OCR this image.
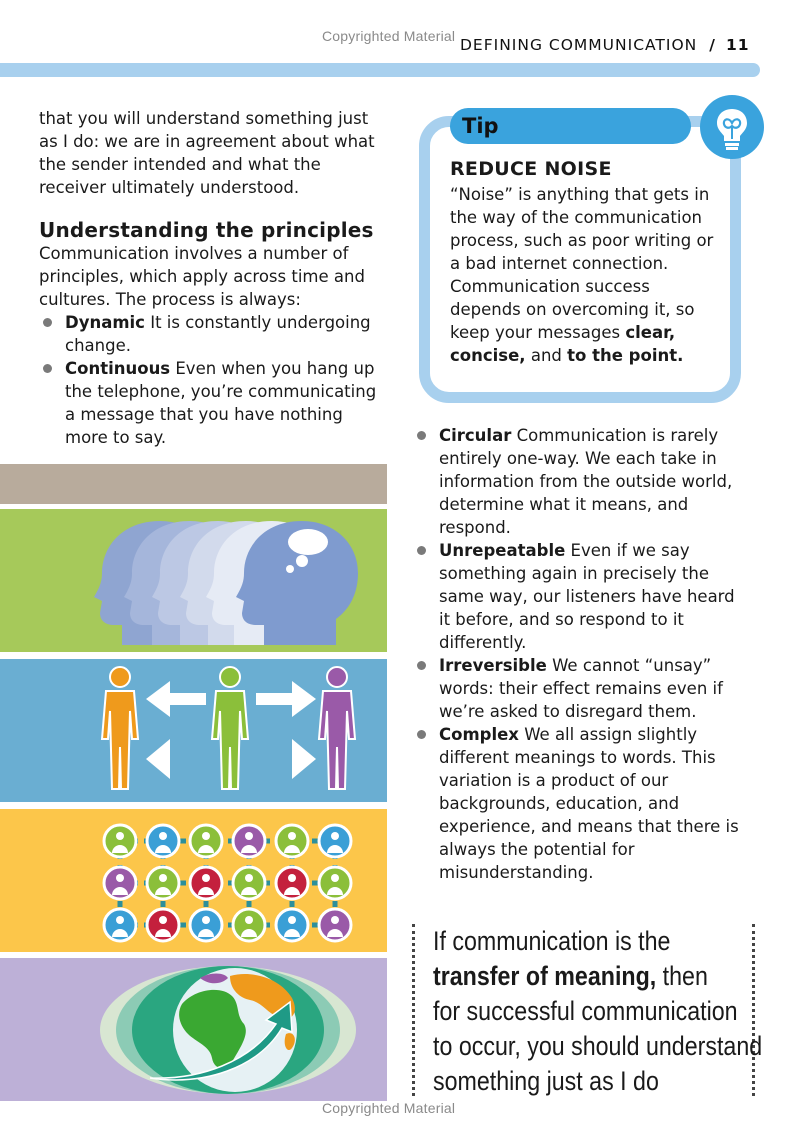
Copyrighted Material DEFINING COMMUNICATION / 11

that you will understand something just as I do: we are in agreement about what the sender intended and what the receiver ultimately understood.

Understanding the principles

Communication involves a number of principles, which apply across time and cultures. The process is always:

Dynamic It is constantly undergoing change.
Continuous Even when you hang up the telephone, you’re communicating a message that you have nothing more to say.
Tip
REDUCE NOISE
“Noise” is anything that gets in the way of the communication process, such as poor writing or a bad internet connection. Communication success depends on overcoming it, so keep your messages clear, concise, and to the point.
Circular Communication is rarely entirely one-way. We each take in information from the outside world, determine what it means, and respond.
Unrepeatable Even if we say something again in precisely the same way, our listeners have heard it before, and so respond to it differently.
Irreversible We cannot “unsay” words: their effect remains even if we’re asked to disregard them.
Complex We all assign slightly different meanings to words. This variation is a product of our backgrounds, education, and experience, and means that there is always the potential for misunderstanding.
If communication is the
transfer of meaning, then
for successful communication
to occur, you should understand
something just as I do
Copyrighted Material
